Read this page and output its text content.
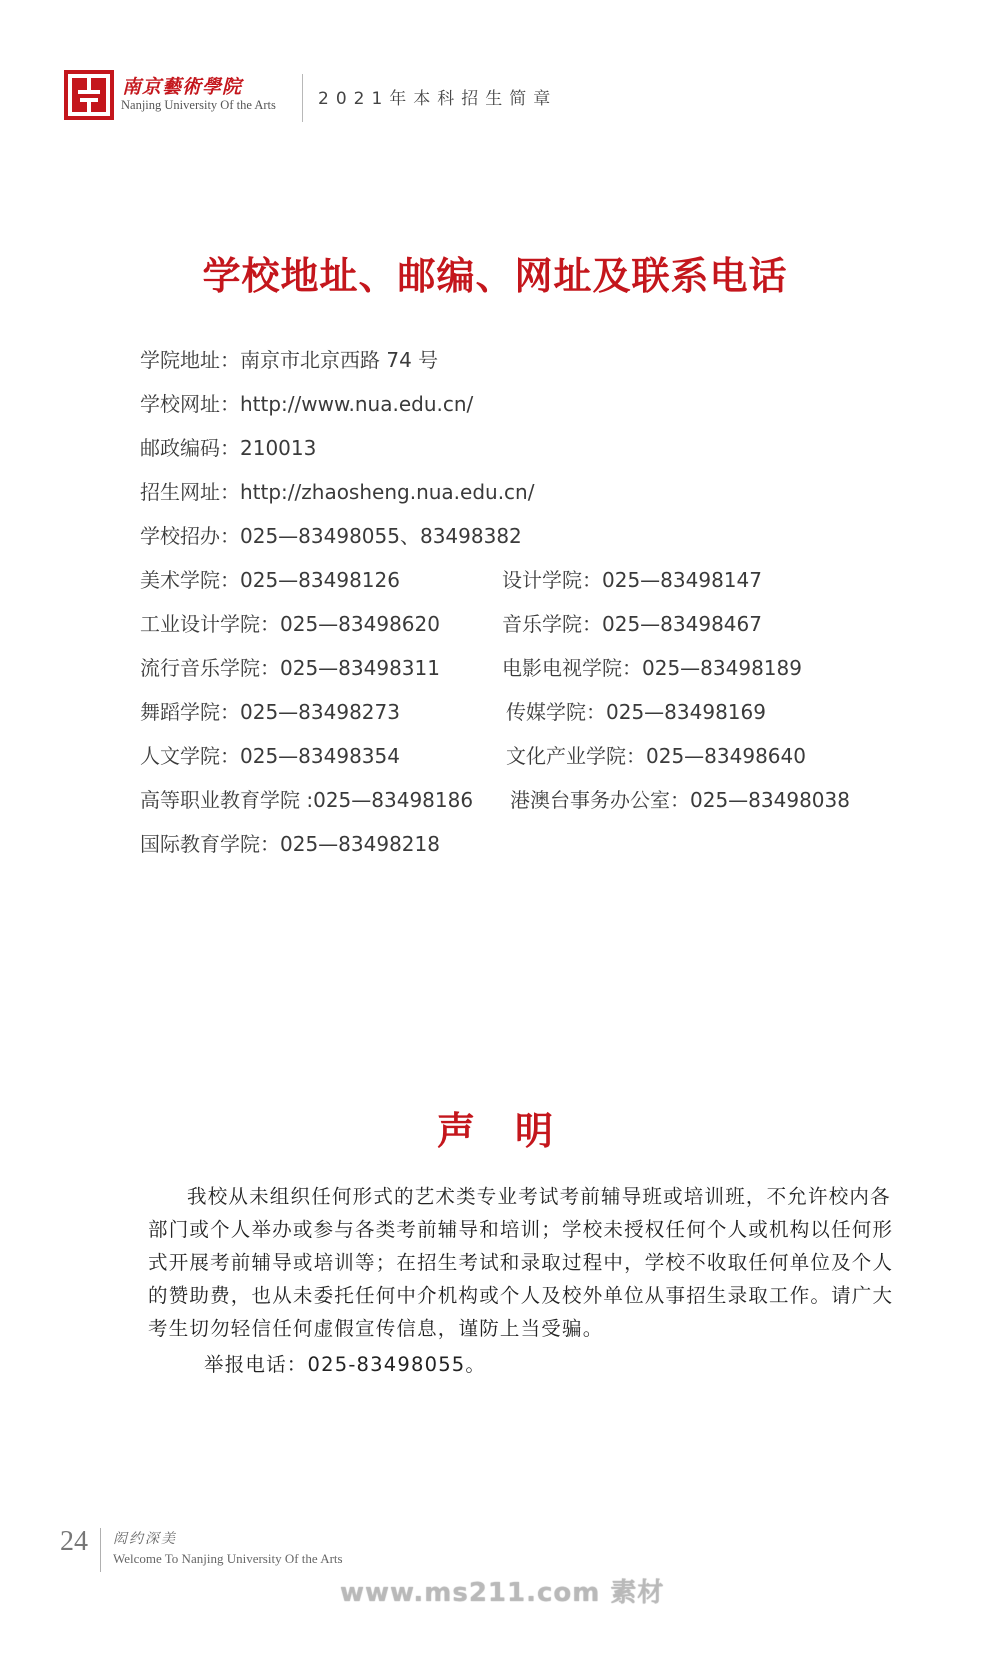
南京藝術學院
Nanjing University Of the Arts 2021年本科招生简章
学校地址、邮编、网址及联系电话
学院地址：南京市北京西路 74 号
学校网址：http://www.nua.edu.cn/
邮政编码：210013
招生网址：http://zhaosheng.nua.edu.cn/
学校招办：025—83498055、83498382
美术学院：025—83498126
工业设计学院：025—83498620
流行音乐学院：025—83498311
舞蹈学院：025—83498273
人文学院：025—83498354
高等职业教育学院 :025—83498186
国际教育学院：025—83498218
设计学院：025—83498147
音乐学院：025—83498467
电影电视学院：025—83498189
传媒学院：025—83498169
文化产业学院：025—83498640
港澳台事务办公室：025—83498038
声明

我校从未组织任何形式的艺术类专业考试考前辅导班或培训班，不允许校内各部门或个人举办或参与各类考前辅导和培训；学校未授权任何个人或机构以任何形式开展考前辅导或培训等；在招生考试和录取过程中，学校不收取任何单位及个人的赞助费，也从未委托任何中介机构或个人及校外单位从事招生录取工作。请广大考生切勿轻信任何虚假宣传信息，谨防上当受骗。

举报电话：025-83498055。
24 闳约深美
Welcome To Nanjing University Of the Arts
www.ms211.com 素材
